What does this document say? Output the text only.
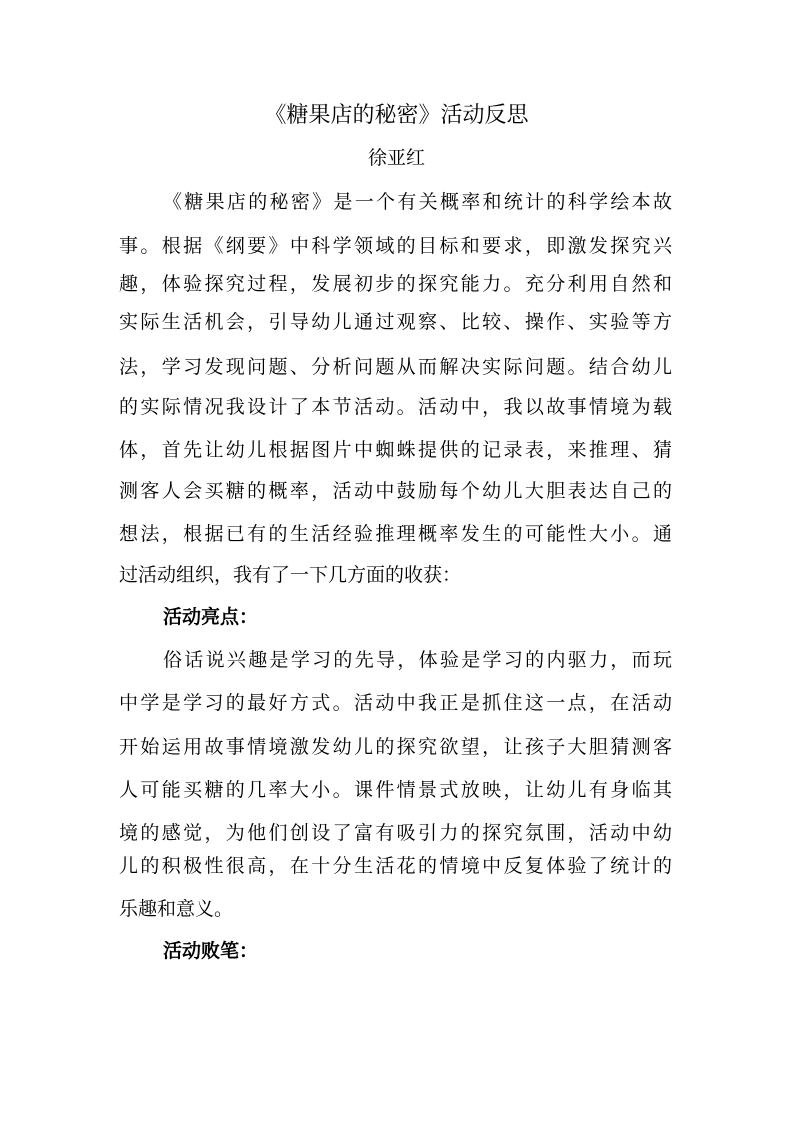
《糖果店的秘密》活动反思
徐亚红
《糖果店的秘密》是一个有关概率和统计的科学绘本故
事。根据《纲要》中科学领域的目标和要求，即激发探究兴
趣，体验探究过程，发展初步的探究能力。充分利用自然和
实际生活机会，引导幼儿通过观察、比较、操作、实验等方
法，学习发现问题、分析问题从而解决实际问题。结合幼儿
的实际情况我设计了本节活动。活动中，我以故事情境为载
体，首先让幼儿根据图片中蜘蛛提供的记录表，来推理、猜
测客人会买糖的概率，活动中鼓励每个幼儿大胆表达自己的
想法，根据已有的生活经验推理概率发生的可能性大小。通
过活动组织，我有了一下几方面的收获：
活动亮点：
俗话说兴趣是学习的先导，体验是学习的内驱力，而玩
中学是学习的最好方式。活动中我正是抓住这一点，在活动
开始运用故事情境激发幼儿的探究欲望，让孩子大胆猜测客
人可能买糖的几率大小。课件情景式放映，让幼儿有身临其
境的感觉，为他们创设了富有吸引力的探究氛围，活动中幼
儿的积极性很高，在十分生活花的情境中反复体验了统计的
乐趣和意义。
活动败笔：
